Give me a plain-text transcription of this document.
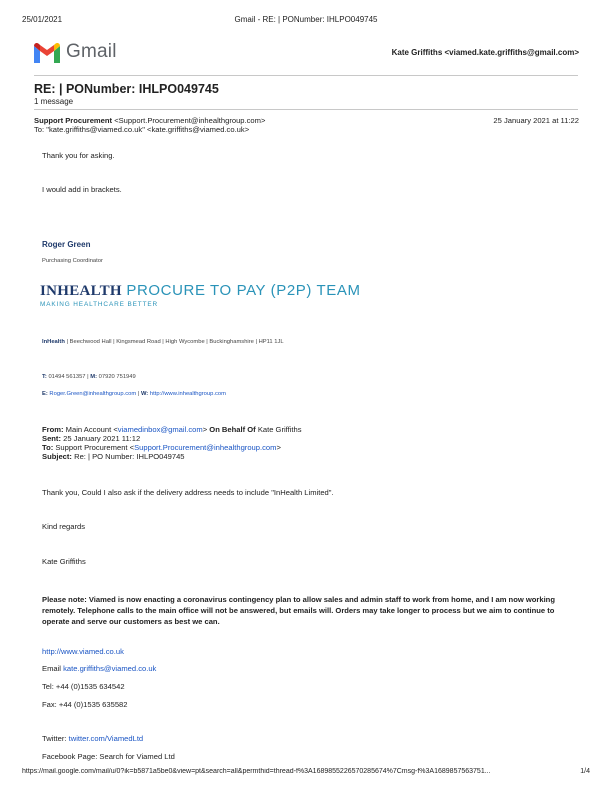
25/01/2021	Gmail - RE: | PONumber: IHLPO049745
Gmail	Kate Griffiths <viamed.kate.griffiths@gmail.com>
RE: | PONumber: IHLPO049745
1 message
Support Procurement <Support.Procurement@inhealthgroup.com>	25 January 2021 at 11:22
To: "kate.griffiths@viamed.co.uk" <kate.griffiths@viamed.co.uk>
Thank you for asking.
I would add in brackets.
Roger Green
Purchasing Coordinator
INHEALTH PROCURE TO PAY (P2P) TEAM
MAKING HEALTHCARE BETTER
InHealth | Beechwood Hall | Kingsmead Road | High Wycombe | Buckinghamshire | HP11 1JL
T: 01494 561357 | M: 07920 751949
E: Roger.Green@inhealthgroup.com | W: http://www.inhealthgroup.com
From: Main Account <viamedinbox@gmail.com> On Behalf Of Kate Griffiths
Sent: 25 January 2021 11:12
To: Support Procurement <Support.Procurement@inhealthgroup.com>
Subject: Re: | PO Number: IHLPO049745
Thank you, Could I also ask if the delivery address needs to include "InHealth Limited".
Kind regards
Kate Griffiths
Please note: Viamed is now enacting a coronavirus contingency plan to allow sales and admin staff to work from home, and I am now working remotely. Telephone calls to the main office will not be answered, but emails will. Orders may take longer to process but we aim to continue to operate and serve our customers as best we can.
http://www.viamed.co.uk
Email kate.griffiths@viamed.co.uk
Tel: +44 (0)1535 634542
Fax: +44 (0)1535 635582
Twitter: twitter.com/ViamedLtd
Facebook Page: Search for Viamed Ltd
https://mail.google.com/mail/u/0?ik=b5871a5be0&view=pt&search=all&permthid=thread-f%3A1689855226570285674%7Cmsg-f%3A1689857563751...	1/4
